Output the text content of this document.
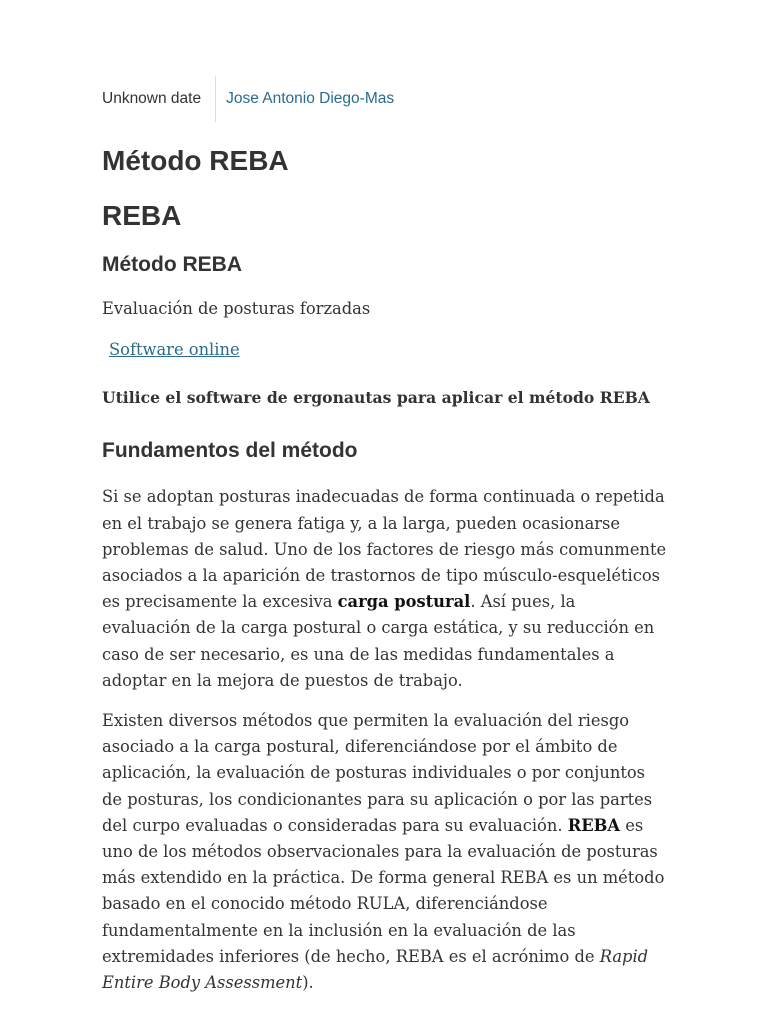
Unknown date	Jose Antonio Diego-Mas
Método REBA
REBA
Método REBA

Evaluación de posturas forzadas

Software online

Utilice el software de ergonautas para aplicar el método REBA

Fundamentos del método

Si se adoptan posturas inadecuadas de forma continuada o repetida en el trabajo se genera fatiga y, a la larga, pueden ocasionarse problemas de salud. Uno de los factores de riesgo más comunmente asociados a la aparición de trastornos de tipo músculo-esqueléticos es precisamente la excesiva carga postural. Así pues, la evaluación de la carga postural o carga estática, y su reducción en caso de ser necesario, es una de las medidas fundamentales a adoptar en la mejora de puestos de trabajo.

Existen diversos métodos que permiten la evaluación del riesgo asociado a la carga postural, diferenciándose por el ámbito de aplicación, la evaluación de posturas individuales o por conjuntos de posturas, los condicionantes para su aplicación o por las partes del curpo evaluadas o consideradas para su evaluación. REBA es uno de los métodos observacionales para la evaluación de posturas más extendido en la práctica. De forma general REBA es un método basado en el conocido método RULA, diferenciándose fundamentalmente en la inclusión en la evaluación de las extremidades inferiores (de hecho, REBA es el acrónimo de Rapid Entire Body Assessment).
